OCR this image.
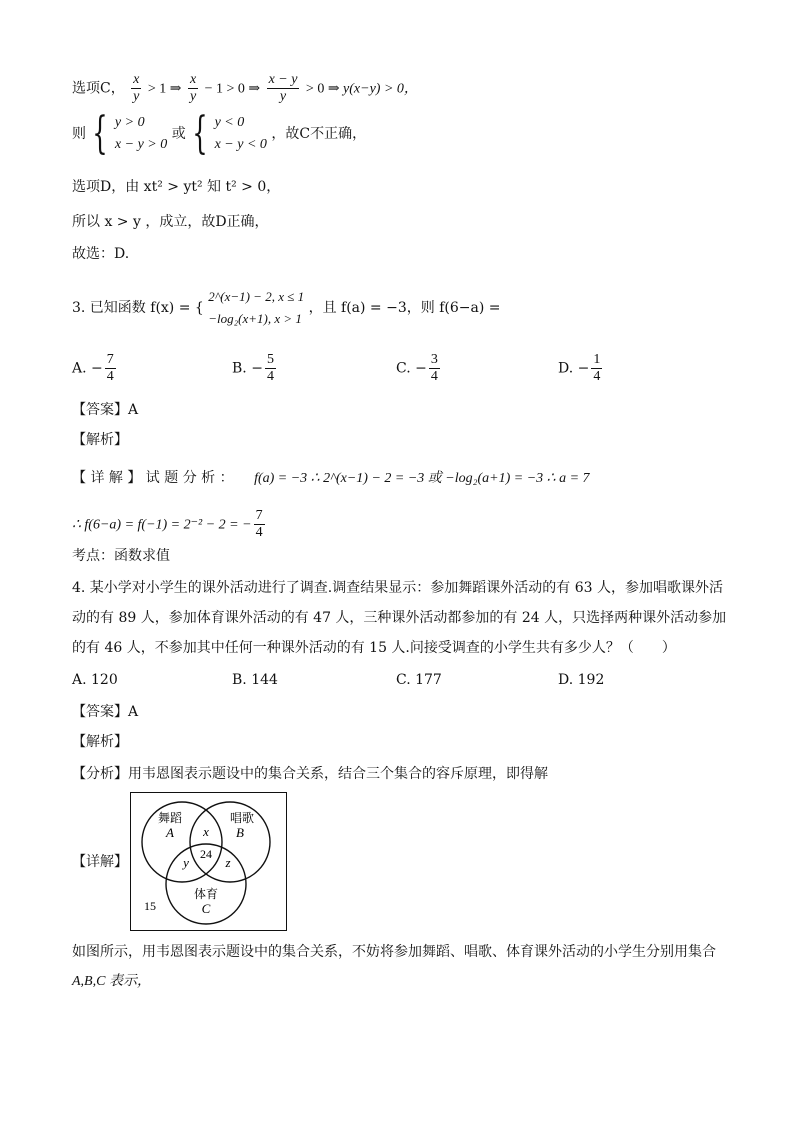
选项C， $\frac{x}{y} > 1$ ⇒ $\frac{x}{y} - 1 > 0$ ⇒ $\frac{x - y}{y} > 0$ ⇒ y(x−y) > 0，
则 { y > 0
x − y > 0
或 { y < 0
x − y < 0
，故C不正确，
选项D，由 xt² > yt² 知 t² > 0，
所以 x > y ，成立，故D正确，
故选：D.
3. 已知函数 f(x) = {
2^(x−1) − 2, x ≤ 1
−log₂(x+1), x > 1
，且 f(a) = −3，则 f(6−a) =
A. − $\frac{7}{4}$	B. − $\frac{5}{4}$	C. − $\frac{3}{4}$	D. − $\frac{1}{4}$
【答案】A
【解析】
【 详 解 】 试 题 分 析 ： f(a) = −3 ∴ 2^(x−1) − 2 = −3 或 −log₂(a+1) = −3 ∴ a = 7
∴ f(6−a) = f(−1) = 2⁻² − 2 = − $\frac{7}{4}$
考点：函数求值
4. 某小学对小学生的课外活动进行了调查.调查结果显示：参加舞蹈课外活动的有 63 人，参加唱歌课外活
动的有 89 人，参加体育课外活动的有 47 人，三种课外活动都参加的有 24 人，只选择两种课外活动参加
的有 46 人，不参加其中任何一种课外活动的有 15 人.问接受调查的小学生共有多少人？（　　）
A. 120	B. 144	C. 177	D. 192
【答案】A
【解析】
【分析】用韦恩图表示题设中的集合关系，结合三个集合的容斥原理，即得解
【详解】
舞蹈
A
唱歌
B
体育
C
x
y	z
24
15
如图所示，用韦恩图表示题设中的集合关系，不妨将参加舞蹈、唱歌、体育课外活动的小学生分别用集合
A,B,C 表示，
